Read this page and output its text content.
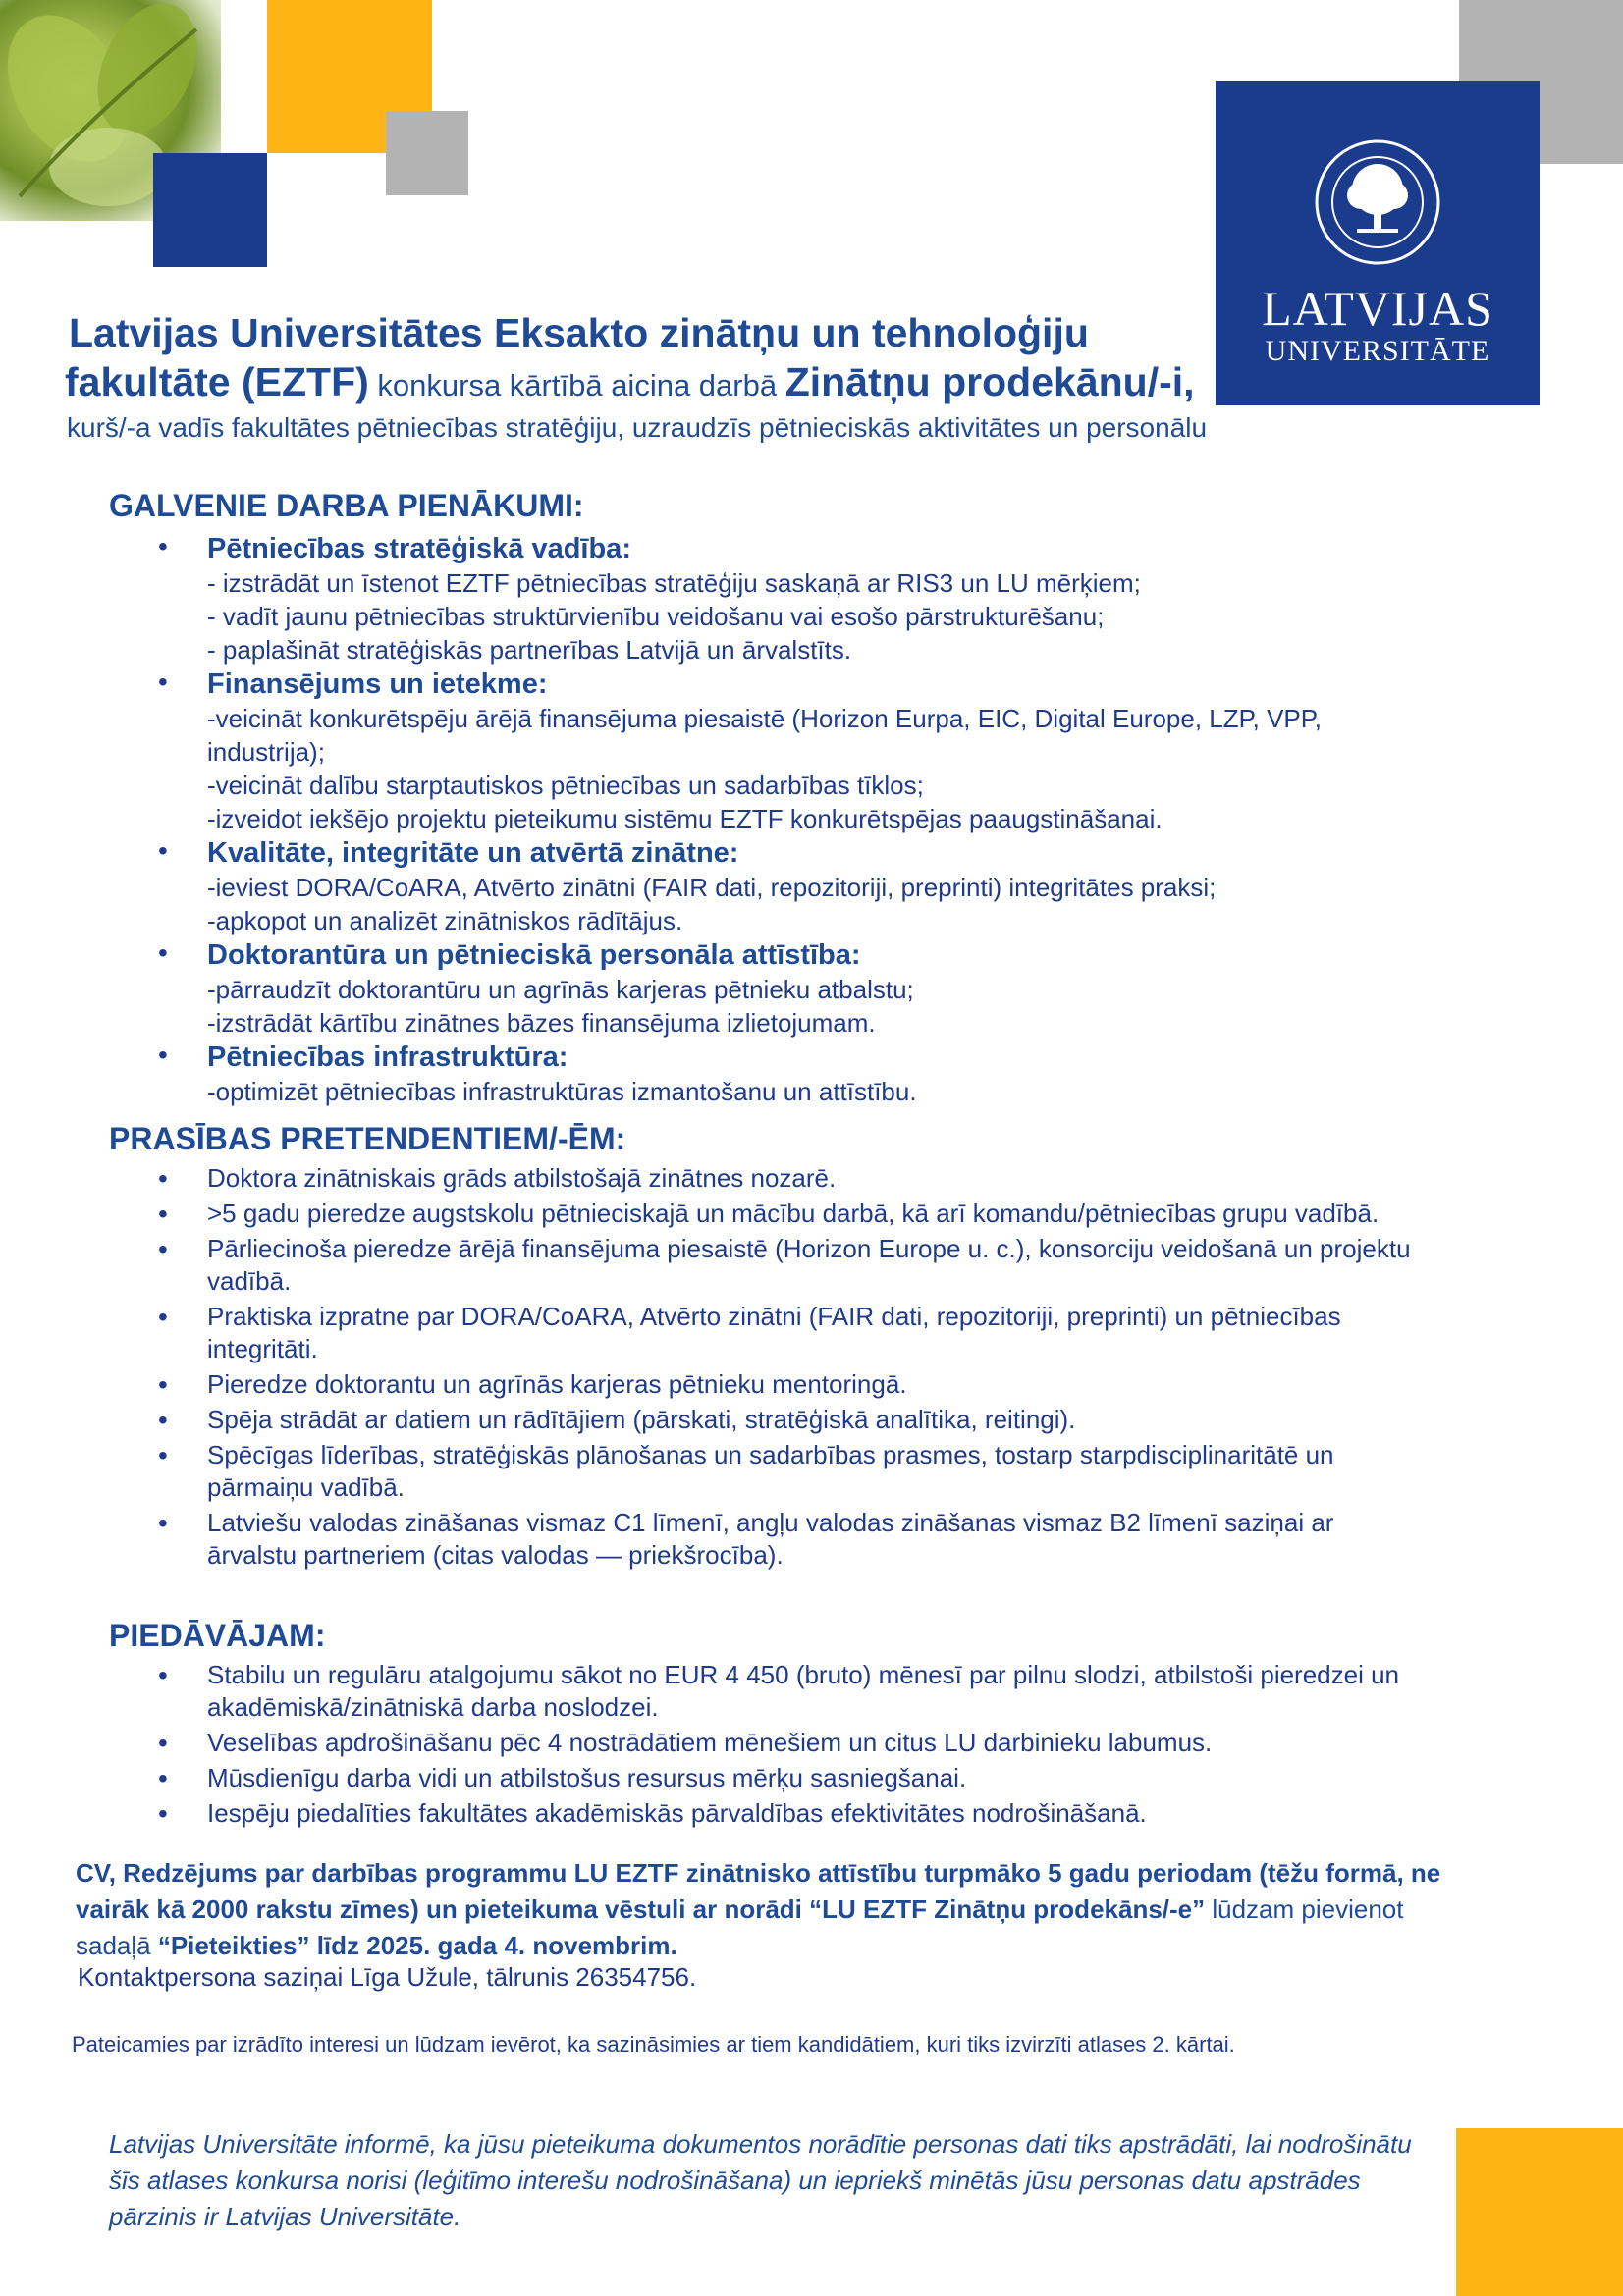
LATVIJAS
UNIVERSITĀTE
Latvijas Universitātes Eksakto zinātņu un tehnoloģiju
fakultāte (EZTF) konkursa kārtībā aicina darbā Zinātņu prodekānu/-i,
kurš/-a vadīs fakultātes pētniecības stratēģiju, uzraudzīs pētnieciskās aktivitātes un personālu
GALVENIE DARBA PIENĀKUMI:
• Pētniecības stratēģiskā vadība:
- izstrādāt un īstenot EZTF pētniecības stratēģiju saskaņā ar RIS3 un LU mērķiem;
- vadīt jaunu pētniecības struktūrvienību veidošanu vai esošo pārstrukturēšanu;
- paplašināt stratēģiskās partnerības Latvijā un ārvalstīts.
• Finansējums un ietekme:
-veicināt konkurētspēju ārējā finansējuma piesaistē (Horizon Eurpa, EIC, Digital Europe, LZP, VPP, industrija);
-veicināt dalību starptautiskos pētniecības un sadarbības tīklos;
-izveidot iekšējo projektu pieteikumu sistēmu EZTF konkurētspējas paaugstināšanai.
• Kvalitāte, integritāte un atvērtā zinātne:
-ieviest DORA/CoARA, Atvērto zinātni (FAIR dati, repozitoriji, preprinti) integritātes praksi;
-apkopot un analizēt zinātniskos rādītājus.
• Doktorantūra un pētnieciskā personāla attīstība:
-pārraudzīt doktorantūru un agrīnās karjeras pētnieku atbalstu;
-izstrādāt kārtību zinātnes bāzes finansējuma izlietojumam.
• Pētniecības infrastruktūra:
-optimizēt pētniecības infrastruktūras izmantošanu un attīstību.
PRASĪBAS PRETENDENTIEM/-ĒM:
• Doktora zinātniskais grāds atbilstošajā zinātnes nozarē.
• >5 gadu pieredze augstskolu pētnieciskajā un mācību darbā, kā arī komandu/pētniecības grupu vadībā.
• Pārliecinoša pieredze ārējā finansējuma piesaistē (Horizon Europe u. c.), konsorciju veidošanā un projektu vadībā.
• Praktiska izpratne par DORA/CoARA, Atvērto zinātni (FAIR dati, repozitoriji, preprinti) un pētniecības integritāti.
• Pieredze doktorantu un agrīnās karjeras pētnieku mentoringā.
• Spēja strādāt ar datiem un rādītājiem (pārskati, stratēģiskā analītika, reitingi).
• Spēcīgas līderības, stratēģiskās plānošanas un sadarbības prasmes, tostarp starpdisciplinaritātē un pārmaiņu vadībā.
• Latviešu valodas zināšanas vismaz C1 līmenī, angļu valodas zināšanas vismaz B2 līmenī saziņai ar ārvalstu partneriem (citas valodas — priekšrocība).
PIEDĀVĀJAM:
• Stabilu un regulāru atalgojumu sākot no EUR 4 450 (bruto) mēnesī par pilnu slodzi, atbilstoši pieredzei un akadēmiskā/zinātniskā darba noslodzei.
• Veselības apdrošināšanu pēc 4 nostrādātiem mēnešiem un citus LU darbinieku labumus.
• Mūsdienīgu darba vidi un atbilstošus resursus mērķu sasniegšanai.
• Iespēju piedalīties fakultātes akadēmiskās pārvaldības efektivitātes nodrošināšanā.
CV, Redzējums par darbības programmu LU EZTF zinātnisko attīstību turpmāko 5 gadu periodam (tēžu formā, ne vairāk kā 2000 rakstu zīmes) un pieteikuma vēstuli ar norādi “LU EZTF Zinātņu prodekāns/-e” lūdzam pievienot sadaļā “Pieteikties” līdz 2025. gada 4. novembrim.
Kontaktpersona saziņai Līga Užule, tālrunis 26354756.
Pateicamies par izrādīto interesi un lūdzam ievērot, ka sazināsimies ar tiem kandidātiem, kuri tiks izvirzīti atlases 2. kārtai.
Latvijas Universitāte informē, ka jūsu pieteikuma dokumentos norādītie personas dati tiks apstrādāti, lai nodrošinātu šīs atlases konkursa norisi (leģitīmo interešu nodrošināšana) un iepriekš minētās jūsu personas datu apstrādes pārzinis ir Latvijas Universitāte.
